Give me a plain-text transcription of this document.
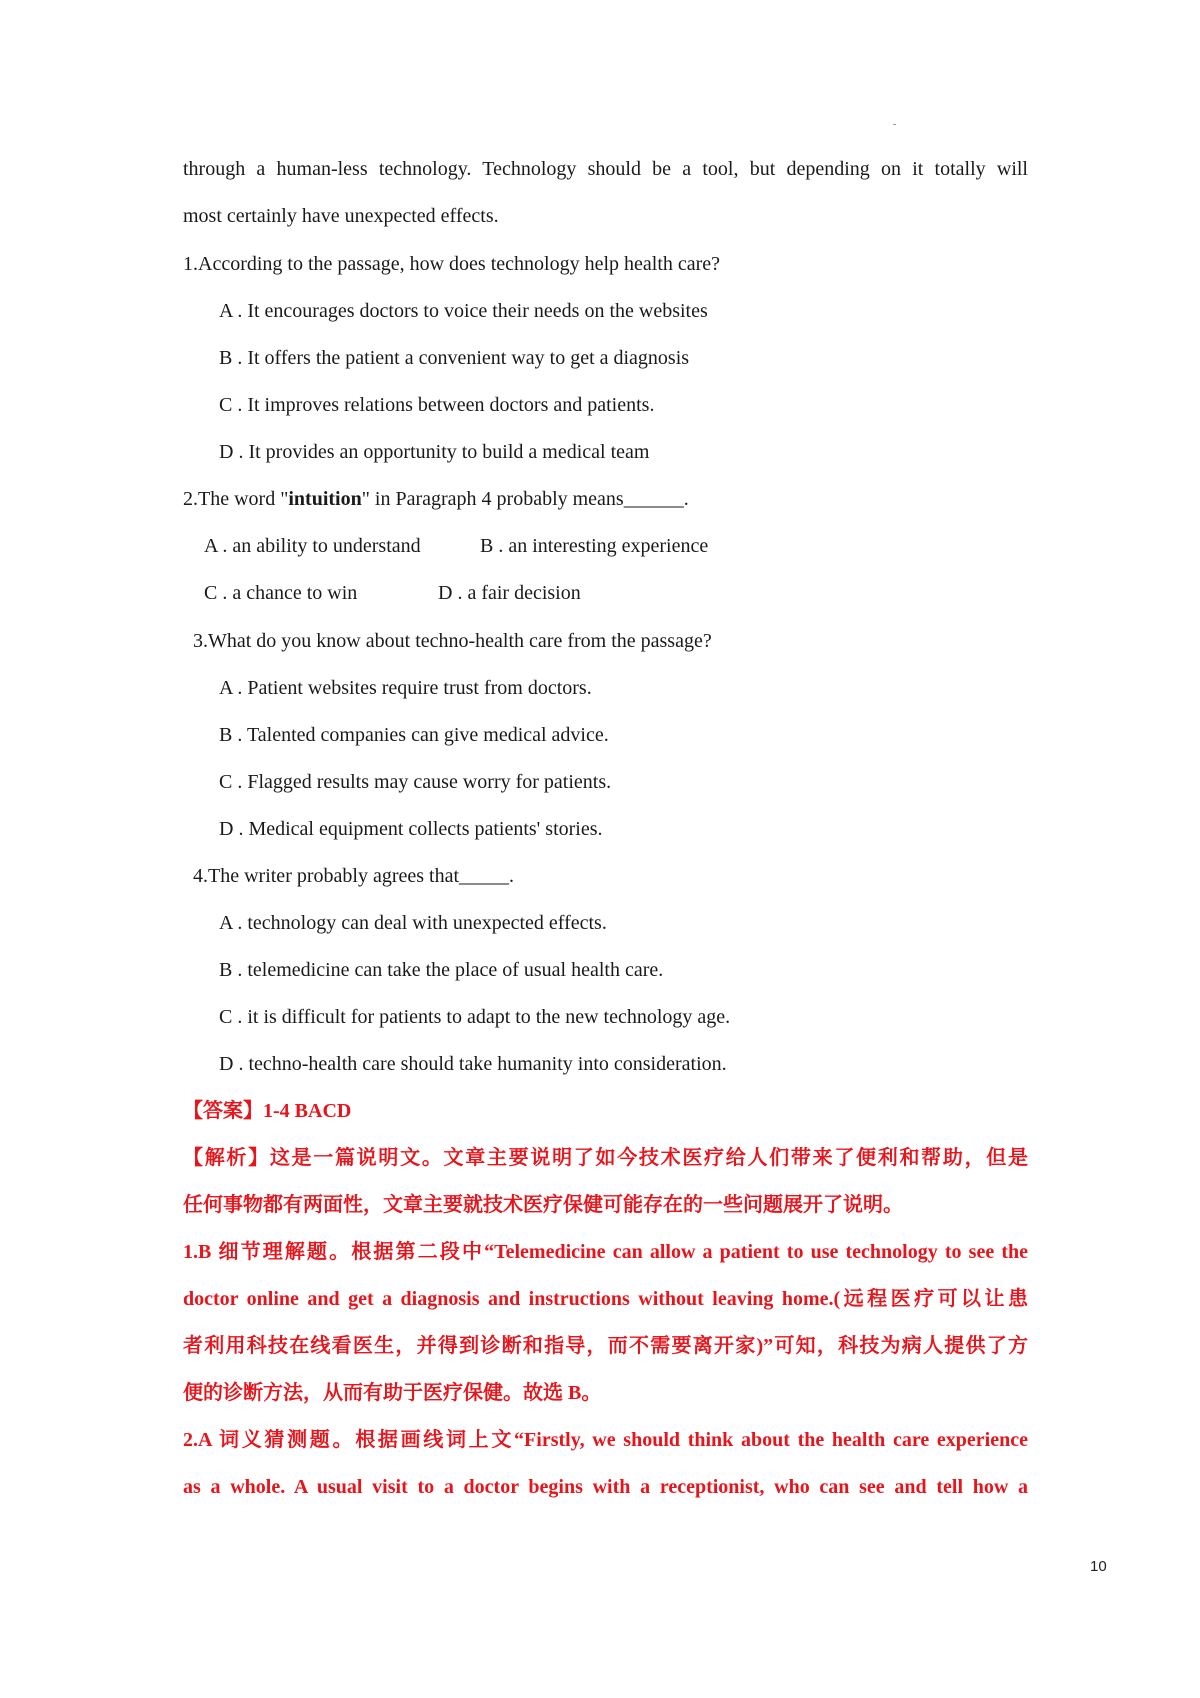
through a human-less technology. Technology should be a tool, but depending on it totally will
most certainly have unexpected effects.
1.According to the passage, how does technology help health care?
A . It encourages doctors to voice their needs on the websites
B . It offers the patient a convenient way to get a diagnosis
C . It improves relations between doctors and patients.
D . It provides an opportunity to build a medical team
2.The word "intuition" in Paragraph 4 probably means______.
A . an ability to understand	B . an interesting experience
C . a chance to win	D . a fair decision
3.What do you know about techno-health care from the passage?
A . Patient websites require trust from doctors.
B . Talented companies can give medical advice.
C . Flagged results may cause worry for patients.
D . Medical equipment collects patients' stories.
4.The writer probably agrees that_____.
A . technology can deal with unexpected effects.
B . telemedicine can take the place of usual health care.
C . it is difficult for patients to adapt to the new technology age.
D . techno-health care should take humanity into consideration.
【答案】1-4 BACD
【解析】这是一篇说明文。文章主要说明了如今技术医疗给人们带来了便利和帮助，但是
任何事物都有两面性，文章主要就技术医疗保健可能存在的一些问题展开了说明。
1.B 细节理解题。根据第二段中“Telemedicine can allow a patient to use technology to see the
doctor online and get a diagnosis and instructions without leaving home.(远程医疗可以让患
者利用科技在线看医生，并得到诊断和指导，而不需要离开家)”可知，科技为病人提供了方
便的诊断方法，从而有助于医疗保健。故选 B。
2.A 词义猜测题。根据画线词上文“Firstly, we should think about the health care experience
as a whole. A usual visit to a doctor begins with a receptionist, who can see and tell how a
10
